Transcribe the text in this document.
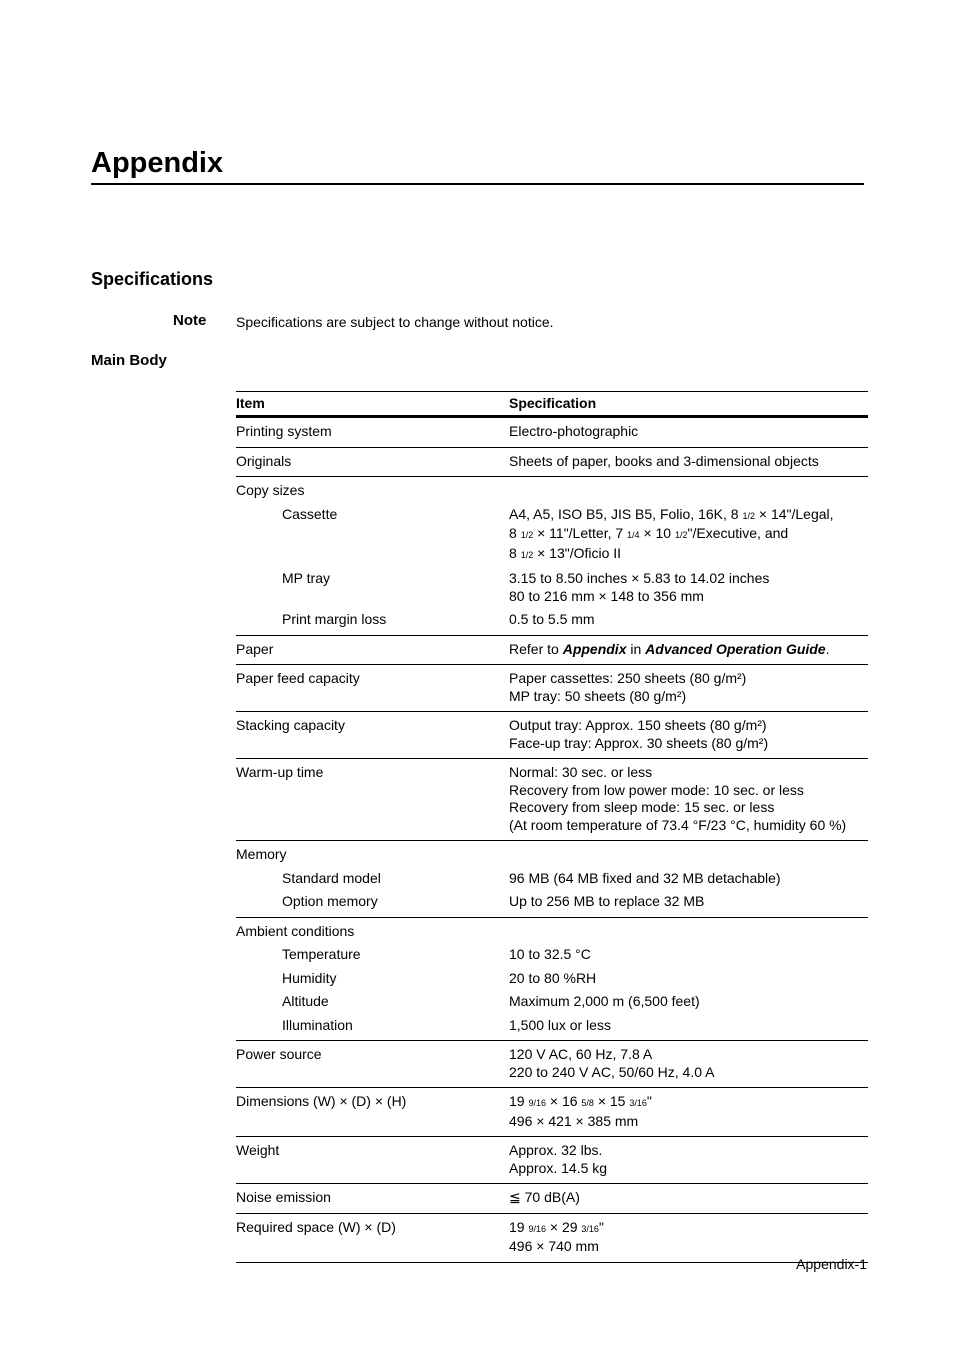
Appendix
Specifications
Note Specifications are subject to change without notice.
Main Body
Item	Specification
Printing system	Electro-photographic
Originals	Sheets of paper, books and 3-dimensional objects
Copy sizes	
Cassette	A4, A5, ISO B5, JIS B5, Folio, 16K, 8 1/2 × 14"/Legal,
8 1/2 × 11"/Letter, 7 1/4 × 10 1/2"/Executive, and
8 1/2 × 13"/Oficio II

MP tray	3.15 to 8.50 inches × 5.83 to 14.02 inches
80 to 216 mm × 148 to 356 mm

Print margin loss	0.5 to 5.5 mm
Paper	Refer to Appendix in Advanced Operation Guide.
Paper feed capacity	Paper cassettes: 250 sheets (80 g/m²)
MP tray: 50 sheets (80 g/m²)

Stacking capacity	Output tray: Approx. 150 sheets (80 g/m²)
Face-up tray: Approx. 30 sheets (80 g/m²)

Warm-up time	Normal: 30 sec. or less
Recovery from low power mode: 10 sec. or less
Recovery from sleep mode: 15 sec. or less
(At room temperature of 73.4 °F/23 °C, humidity 60 %)

Memory	
Standard model	96 MB (64 MB fixed and 32 MB detachable)
Option memory	Up to 256 MB to replace 32 MB
Ambient conditions	
Temperature	10 to 32.5 °C
Humidity	20 to 80 %RH
Altitude	Maximum 2,000 m (6,500 feet)
Illumination	1,500 lux or less
Power source	120 V AC, 60 Hz, 7.8 A
220 to 240 V AC, 50/60 Hz, 4.0 A

Dimensions (W) × (D) × (H)	19 9/16 × 16 5/8 × 15 3/16"
496 × 421 × 385 mm

Weight	Approx. 32 lbs.
Approx. 14.5 kg

Noise emission	≦ 70 dB(A)
Required space (W) × (D)	19 9/16 × 29 3/16"
496 × 740 mm
Appendix-1
